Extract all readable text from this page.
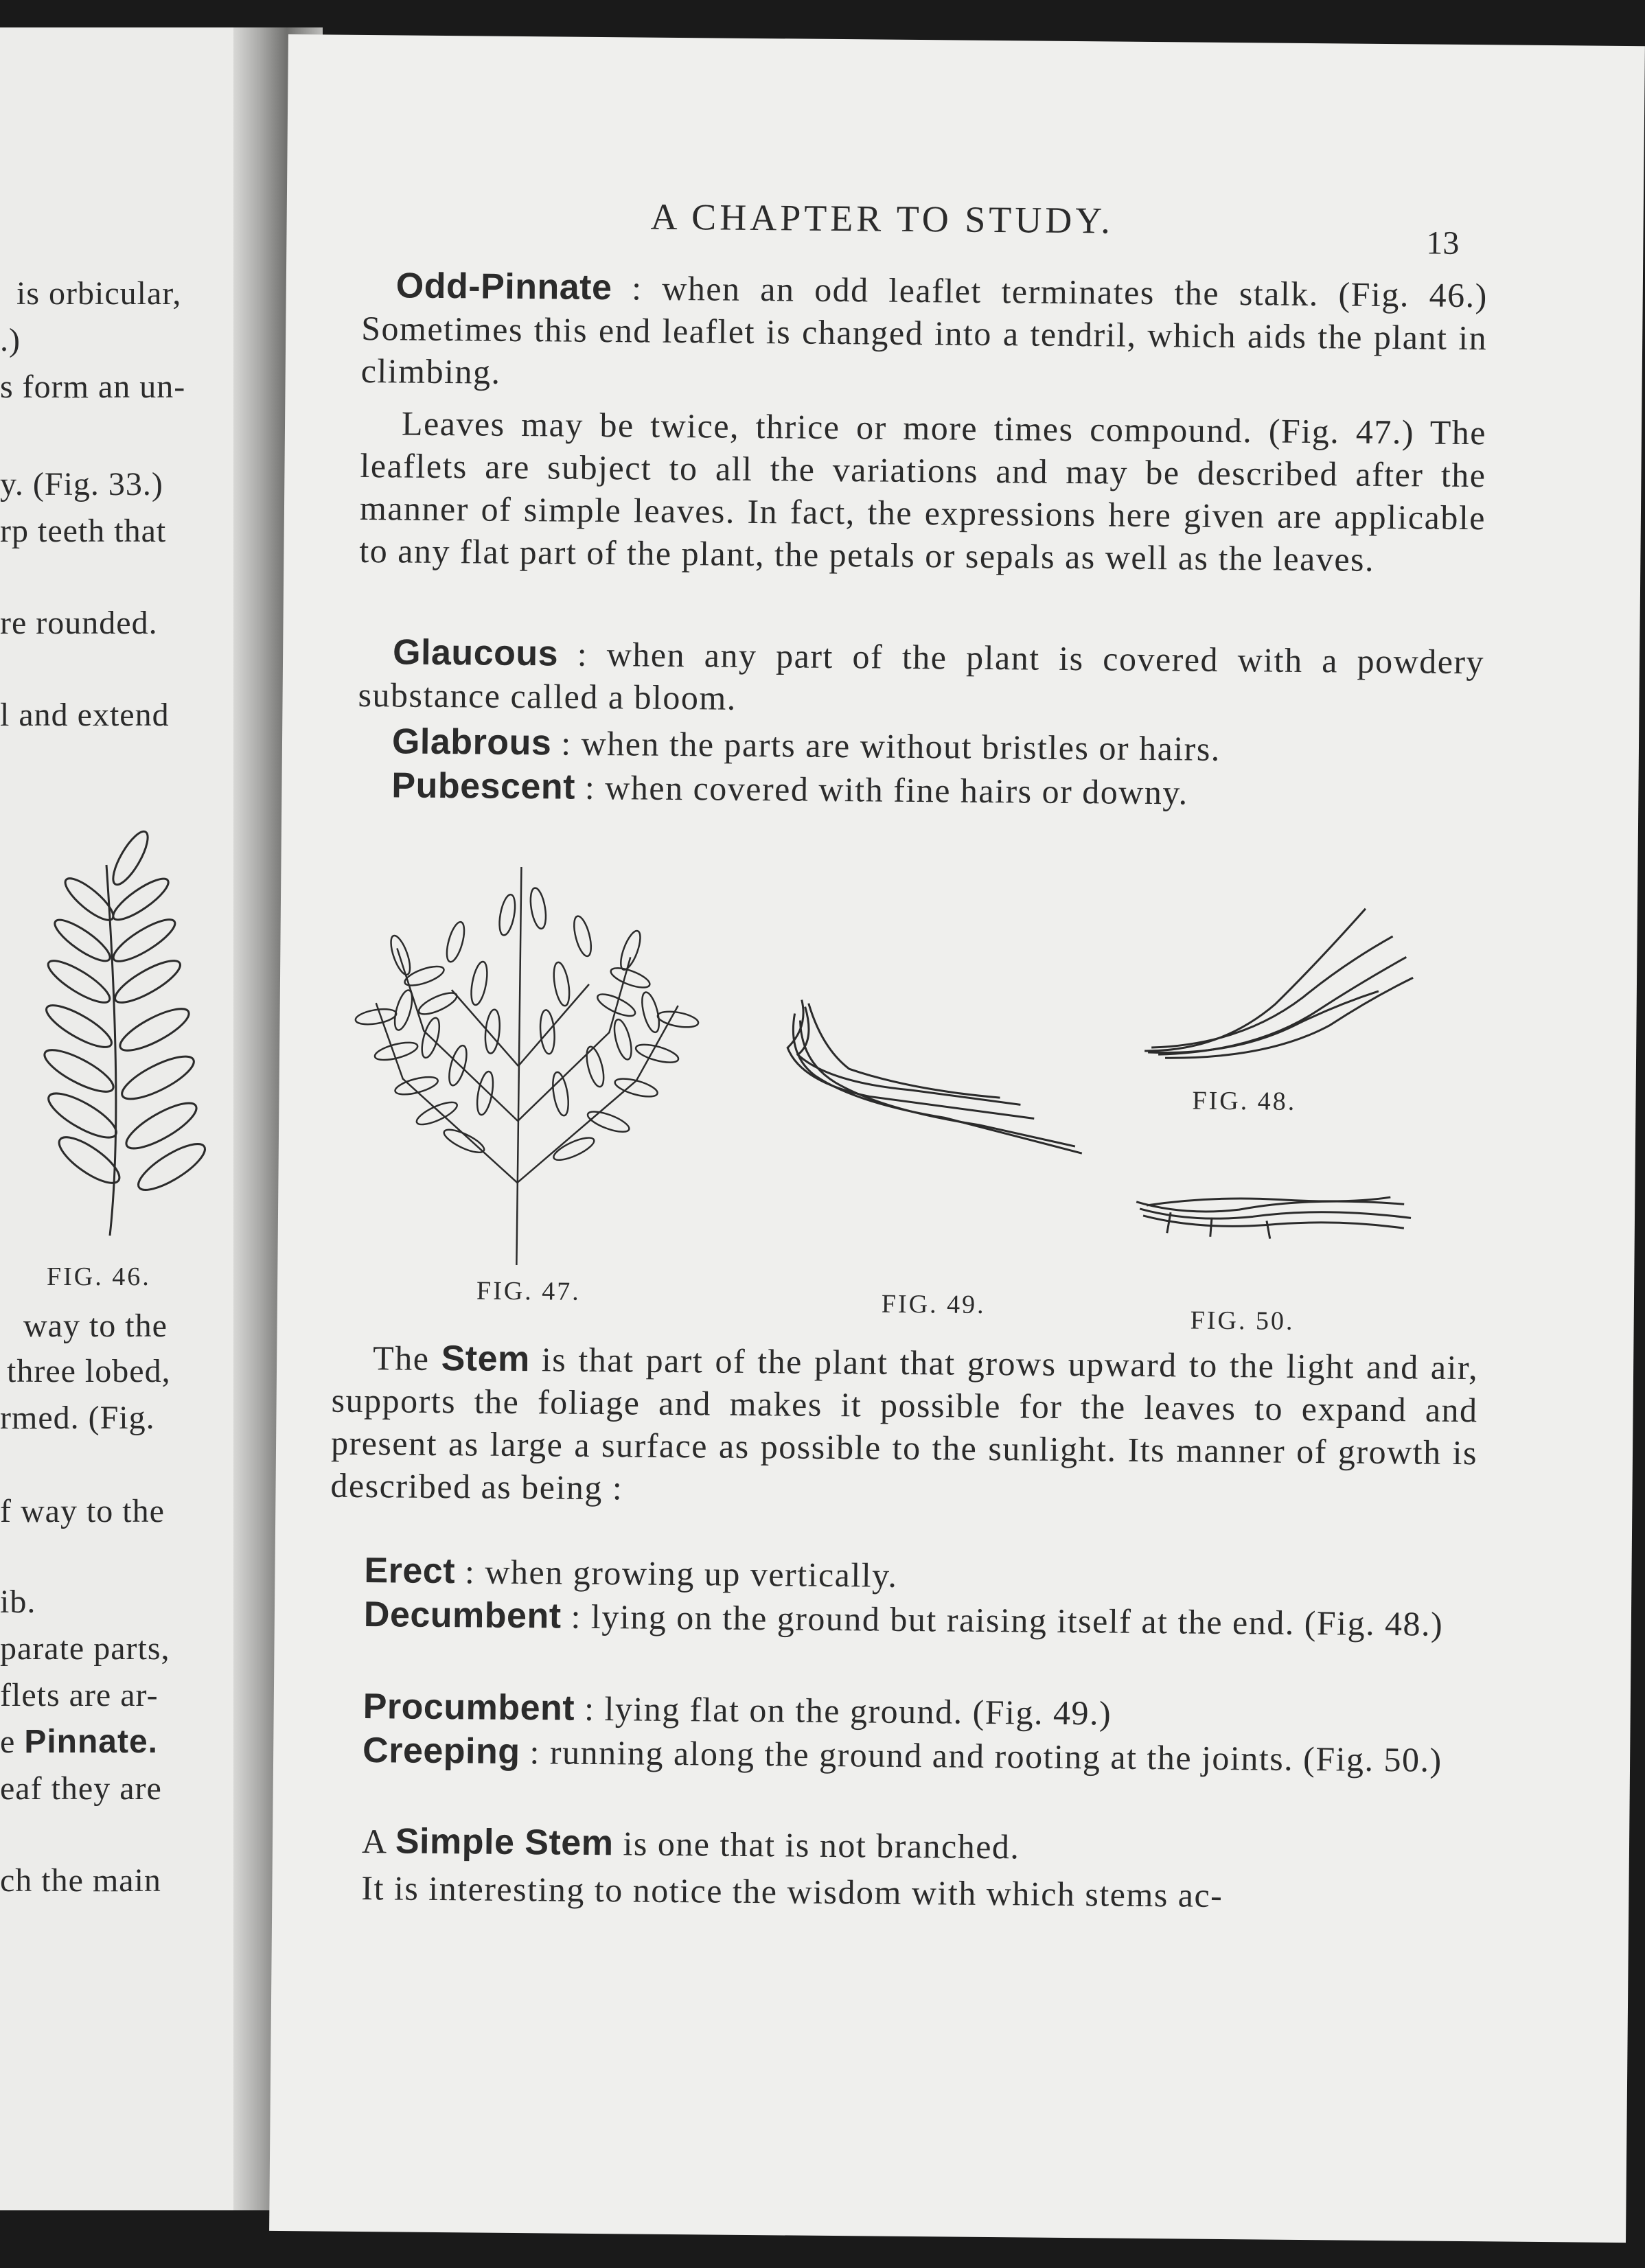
is orbicular,
.)
s form an un-
y. (Fig. 33.)
rp teeth that
re rounded.
l and extend
FIG. 46.
way to the
three lobed,
rmed. (Fig.
f way to the
ib.
parate parts,
flets are ar-
e Pinnate.
eaf they are
ch the main
A CHAPTER TO STUDY.
13
Odd-Pinnate : when an odd leaflet terminates the stalk. (Fig. 46.) Sometimes this end leaflet is changed into a tendril, which aids the plant in climbing.
Leaves may be twice, thrice or more times compound. (Fig. 47.) The leaflets are subject to all the variations and may be described after the manner of simple leaves. In fact, the expressions here given are applicable to any flat part of the plant, the petals or sepals as well as the leaves.
Glaucous : when any part of the plant is covered with a powdery substance called a bloom.
Glabrous : when the parts are without bristles or hairs.
Pubescent : when covered with fine hairs or downy.
FIG. 47.
FIG. 48.
FIG. 49.
FIG. 50.
The Stem is that part of the plant that grows upward to the light and air, supports the foliage and makes it possible for the leaves to expand and present as large a surface as possible to the sunlight. Its manner of growth is described as being :
Erect : when growing up vertically.
Decumbent : lying on the ground but raising itself at the end. (Fig. 48.)
Procumbent : lying flat on the ground. (Fig. 49.)
Creeping : running along the ground and rooting at the joints. (Fig. 50.)
A Simple Stem is one that is not branched.
It is interesting to notice the wisdom with which stems ac-
